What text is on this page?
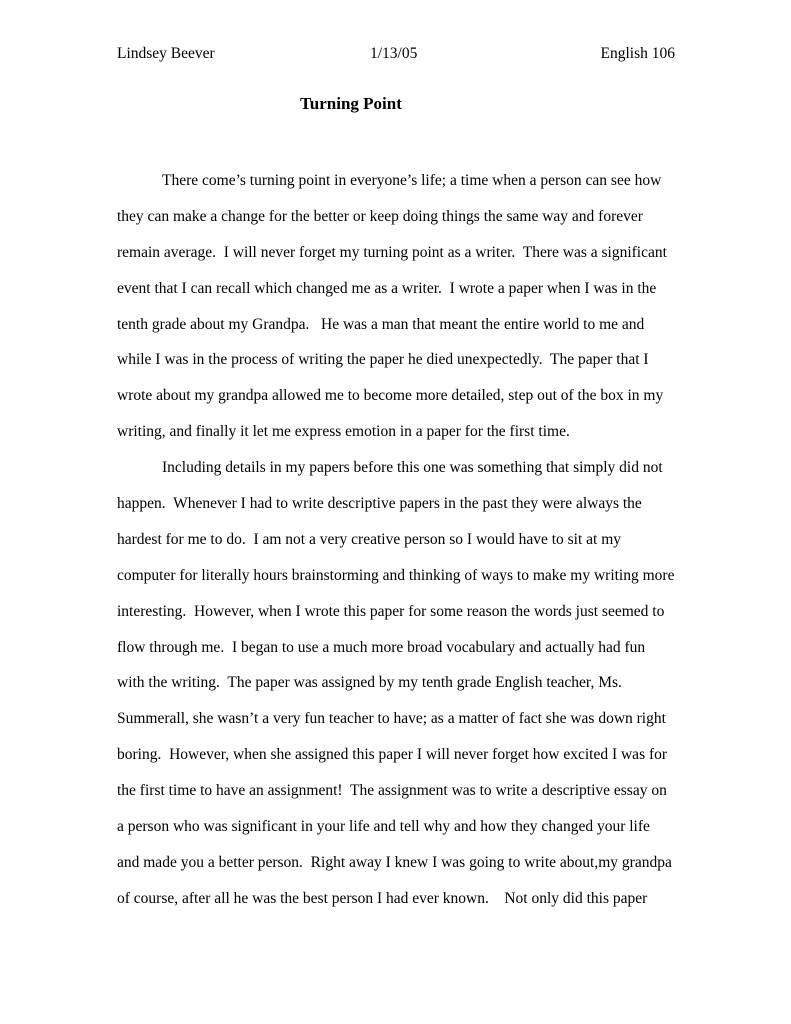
Lindsey Beever	1/13/05	English 106
Turning Point
There come’s turning point in everyone’s life; a time when a person can see how
they can make a change for the better or keep doing things the same way and forever
remain average.  I will never forget my turning point as a writer.  There was a significant
event that I can recall which changed me as a writer.  I wrote a paper when I was in the
tenth grade about my Grandpa.   He was a man that meant the entire world to me and
while I was in the process of writing the paper he died unexpectedly.  The paper that I
wrote about my grandpa allowed me to become more detailed, step out of the box in my
writing, and finally it let me express emotion in a paper for the first time.
Including details in my papers before this one was something that simply did not
happen.  Whenever I had to write descriptive papers in the past they were always the
hardest for me to do.  I am not a very creative person so I would have to sit at my
computer for literally hours brainstorming and thinking of ways to make my writing more
interesting.  However, when I wrote this paper for some reason the words just seemed to
flow through me.  I began to use a much more broad vocabulary and actually had fun
with the writing.  The paper was assigned by my tenth grade English teacher, Ms.
Summerall, she wasn’t a very fun teacher to have; as a matter of fact she was down right
boring.  However, when she assigned this paper I will never forget how excited I was for
the first time to have an assignment!  The assignment was to write a descriptive essay on
a person who was significant in your life and tell why and how they changed your life
and made you a better person.  Right away I knew I was going to write about,my grandpa
of course, after all he was the best person I had ever known.    Not only did this paper
